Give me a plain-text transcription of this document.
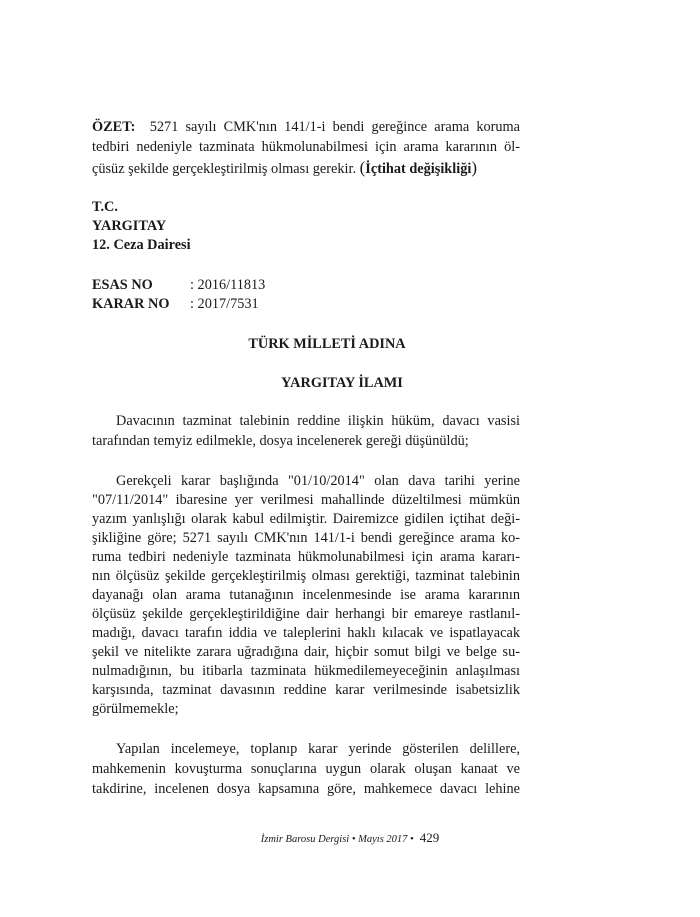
ÖZET: 5271 sayılı CMK'nın 141/1-i bendi gereğince arama koruma
tedbiri nedeniyle tazminata hükmolunabilmesi için arama kararının öl-
çüsüz şekilde gerçekleştirilmiş olması gerekir. (İçtihat değişikliği)
T.C.
YARGITAY
12. Ceza Dairesi
ESAS NO	: 2016/11813
KARAR NO : 2017/7531
TÜRK MİLLETİ ADINA
YARGITAY İLAMI
Davacının tazminat talebinin reddine ilişkin hüküm, davacı vasisi
tarafından temyiz edilmekle, dosya incelenerek gereği düşünüldü;
Gerekçeli karar başlığında "01/10/2014" olan dava tarihi yerine
"07/11/2014" ibaresine yer verilmesi mahallinde düzeltilmesi mümkün
yazım yanlışlığı olarak kabul edilmiştir. Dairemizce gidilen içtihat deği-
şikliğine göre; 5271 sayılı CMK'nın 141/1-i bendi gereğince arama ko-
ruma tedbiri nedeniyle tazminata hükmolunabilmesi için arama kararı-
nın ölçüsüz şekilde gerçekleştirilmiş olması gerektiği, tazminat talebinin
dayanağı olan arama tutanağının incelenmesinde ise arama kararının
ölçüsüz şekilde gerçekleştirildiğine dair herhangi bir emareye rastlanıl-
madığı, davacı tarafın iddia ve taleplerini haklı kılacak ve ispatlayacak
şekil ve nitelikte zarara uğradığına dair, hiçbir somut bilgi ve belge su-
nulmadığının, bu itibarla tazminata hükmedilemeyeceğinin anlaşılması
karşısında, tazminat davasının reddine karar verilmesinde isabetsizlik
görülmemekle;
Yapılan incelemeye, toplanıp karar yerinde gösterilen delillere,
mahkemenin kovuşturma sonuçlarına uygun olarak oluşan kanaat ve
takdirine, incelenen dosya kapsamına göre, mahkemece davacı lehine
İzmir Barosu Dergisi • Mayıs 2017 • 429
